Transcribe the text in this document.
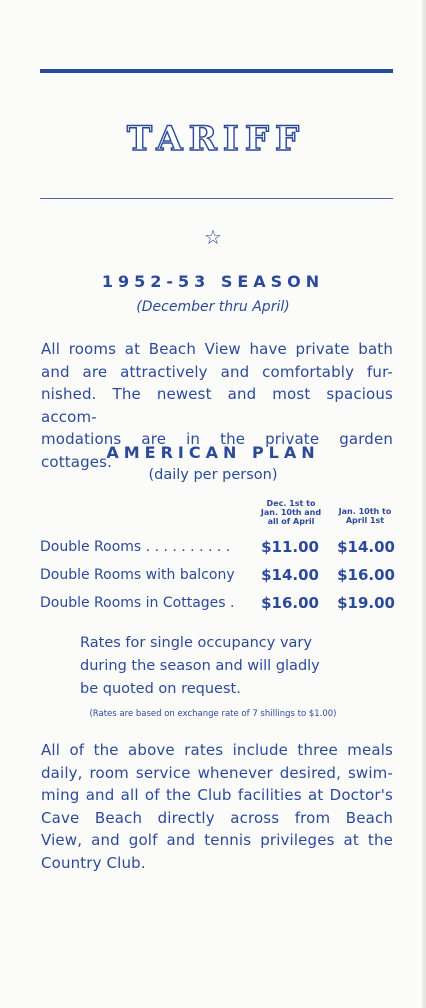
TARIFF
☆
1952-53 SEASON
(December thru April)
All rooms at Beach View have private bath
and are attractively and comfortably fur-
nished. The newest and most spacious accom-
modations are in the private garden cottages.
AMERICAN PLAN
(daily per person)
Dec. 1st to
Jan. 10th and
all of April
Jan. 10th to
April 1st
Double Rooms . . . . . . . . . . $11.00 $14.00
Double Rooms with balcony $14.00 $16.00
Double Rooms in Cottages . $16.00 $19.00
Rates for single occupancy vary
during the season and will gladly
be quoted on request.
(Rates are based on exchange rate of 7 shillings to $1.00)
All of the above rates include three meals
daily, room service whenever desired, swim-
ming and all of the Club facilities at Doctor's
Cave Beach directly across from Beach
View, and golf and tennis privileges at the
Country Club.
